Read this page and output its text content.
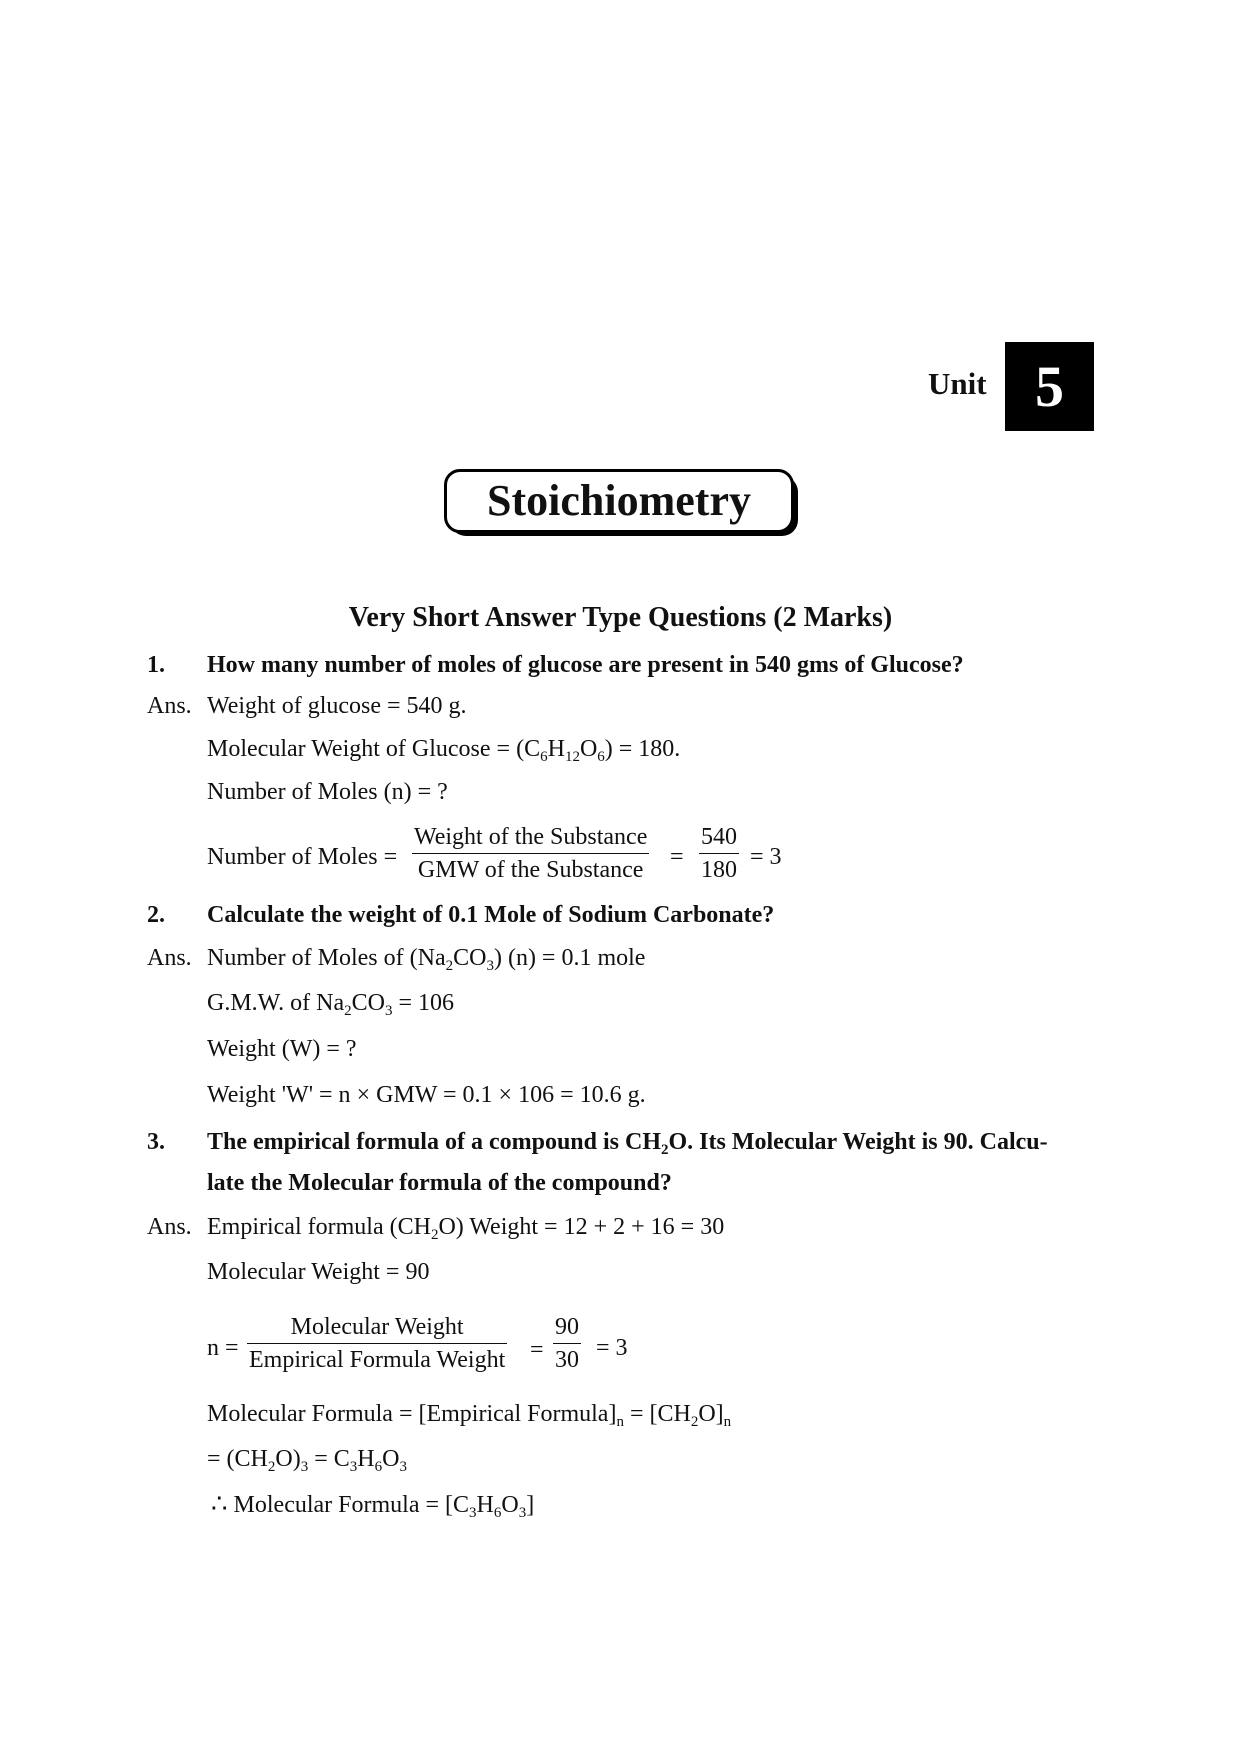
Unit 5
Stoichiometry
Very Short Answer Type Questions (2 Marks)
1. How many number of moles of glucose are present in 540 gms of Glucose?
Ans. Weight of glucose = 540 g.
Molecular Weight of $Glucose = (C_6H_{12}O_6) = 180$.
Number of Moles (n) = ?
Number of Moles =
Weight of the Substance
GMW of the Substance =
540
180 = 3
2. Calculate the weight of 0.1 Mole of Sodium Carbonate?
Ans. Number of Moles of $(Na_2CO_3) (n) = 0.1$ mole
G.M.W. of $Na_2CO_3 = 106$
Weight (W) = ?
Weight 'W' = n × GMW = 0.1 × 106 = 10.6 g.
3. The empirical formula of a compound is $CH_2O$. Its Molecular Weight is 90. Calcu-
late the Molecular formula of the compound?
Ans. Empirical formula $(CH_2O)$ Weight = 12 + 2 + 16 = 30
Molecular Weight = 90
n =
Molecular Weight
Empirical Formula Weight =
90
30 = 3
Molecular Formula = [Empirical $Formula]_n = [CH_2O]_n$
= $(CH_2O)_3 = C_3H_6O_3$
∴ Molecular Formula = $[C_3H_6O_3]$
